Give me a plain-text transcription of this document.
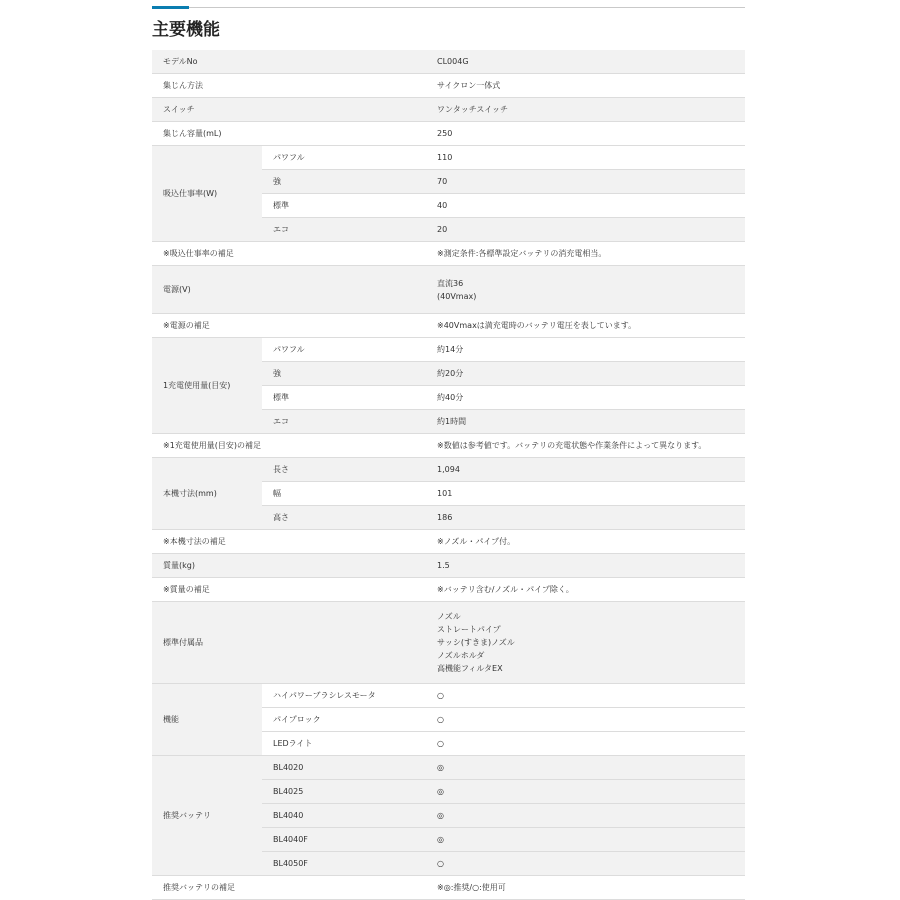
主要機能
モデルNo		CL004G
集じん方法		サイクロン一体式
スイッチ		ワンタッチスイッチ
集じん容量(mL)		250
吸込仕事率(W)	パワフル	110
	強	70
	標準	40
	エコ	20
※吸込仕事率の補足		※測定条件:各標準設定バッテリの消充電相当。
電源(V)		直流36
(40Vmax)

※電源の補足		※40Vmaxは満充電時のバッテリ電圧を表しています。
1充電使用量(目安)	パワフル	約14分
	強	約20分
	標準	約40分
	エコ	約1時間
※1充電使用量(目安)の補足		※数値は参考値です。バッテリの充電状態や作業条件によって異なります。
本機寸法(mm)	長さ	1,094
	幅	101
	高さ	186
※本機寸法の補足		※ノズル・パイプ付。
質量(kg)		1.5
※質量の補足		※バッテリ含む/ノズル・パイプ除く。
標準付属品		ノズル
ストレートパイプ
サッシ(すきま)ノズル
ノズルホルダ
高機能フィルタEX

機能	ハイパワーブラシレスモータ	○
	パイプロック	○
	LEDライト	○
推奨バッテリ	BL4020	◎
	BL4025	◎
	BL4040	◎
	BL4040F	◎
	BL4050F	○
推奨バッテリの補足		※◎:推奨/○:使用可
